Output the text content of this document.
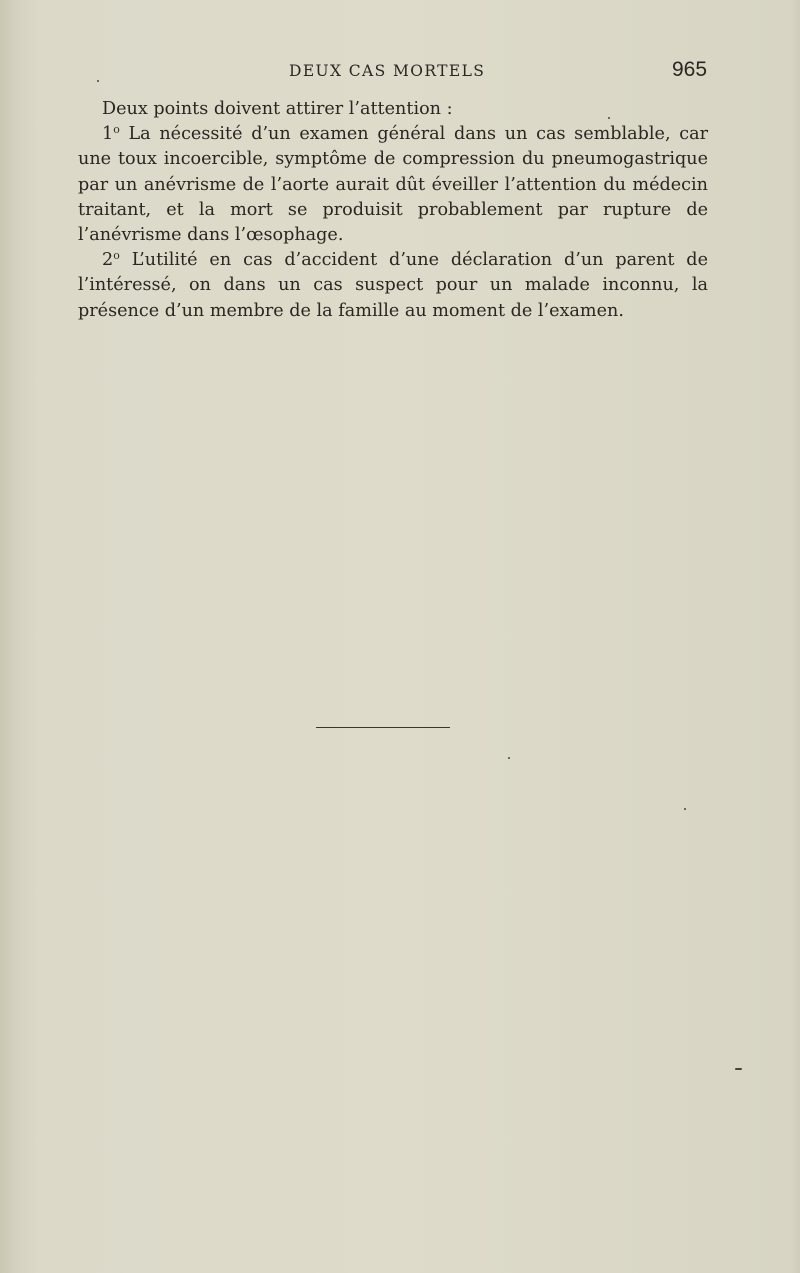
DEUX CAS MORTELS	965

Deux points doivent attirer l’attention :

1$^o$ La nécessité d’un examen général dans un cas semblable, car une toux incoercible, symptôme de compression du pneumogastrique par un anévrisme de l’aorte aurait dût éveiller l’attention du médecin traitant, et la mort se produisit probablement par rupture de l’anévrisme dans l’œsophage.

2$^o$ L’utilité en cas d’accident d’une déclaration d’un parent de l’intéressé, on dans un cas suspect pour un malade inconnu, la présence d’un membre de la famille au moment de l’examen.
